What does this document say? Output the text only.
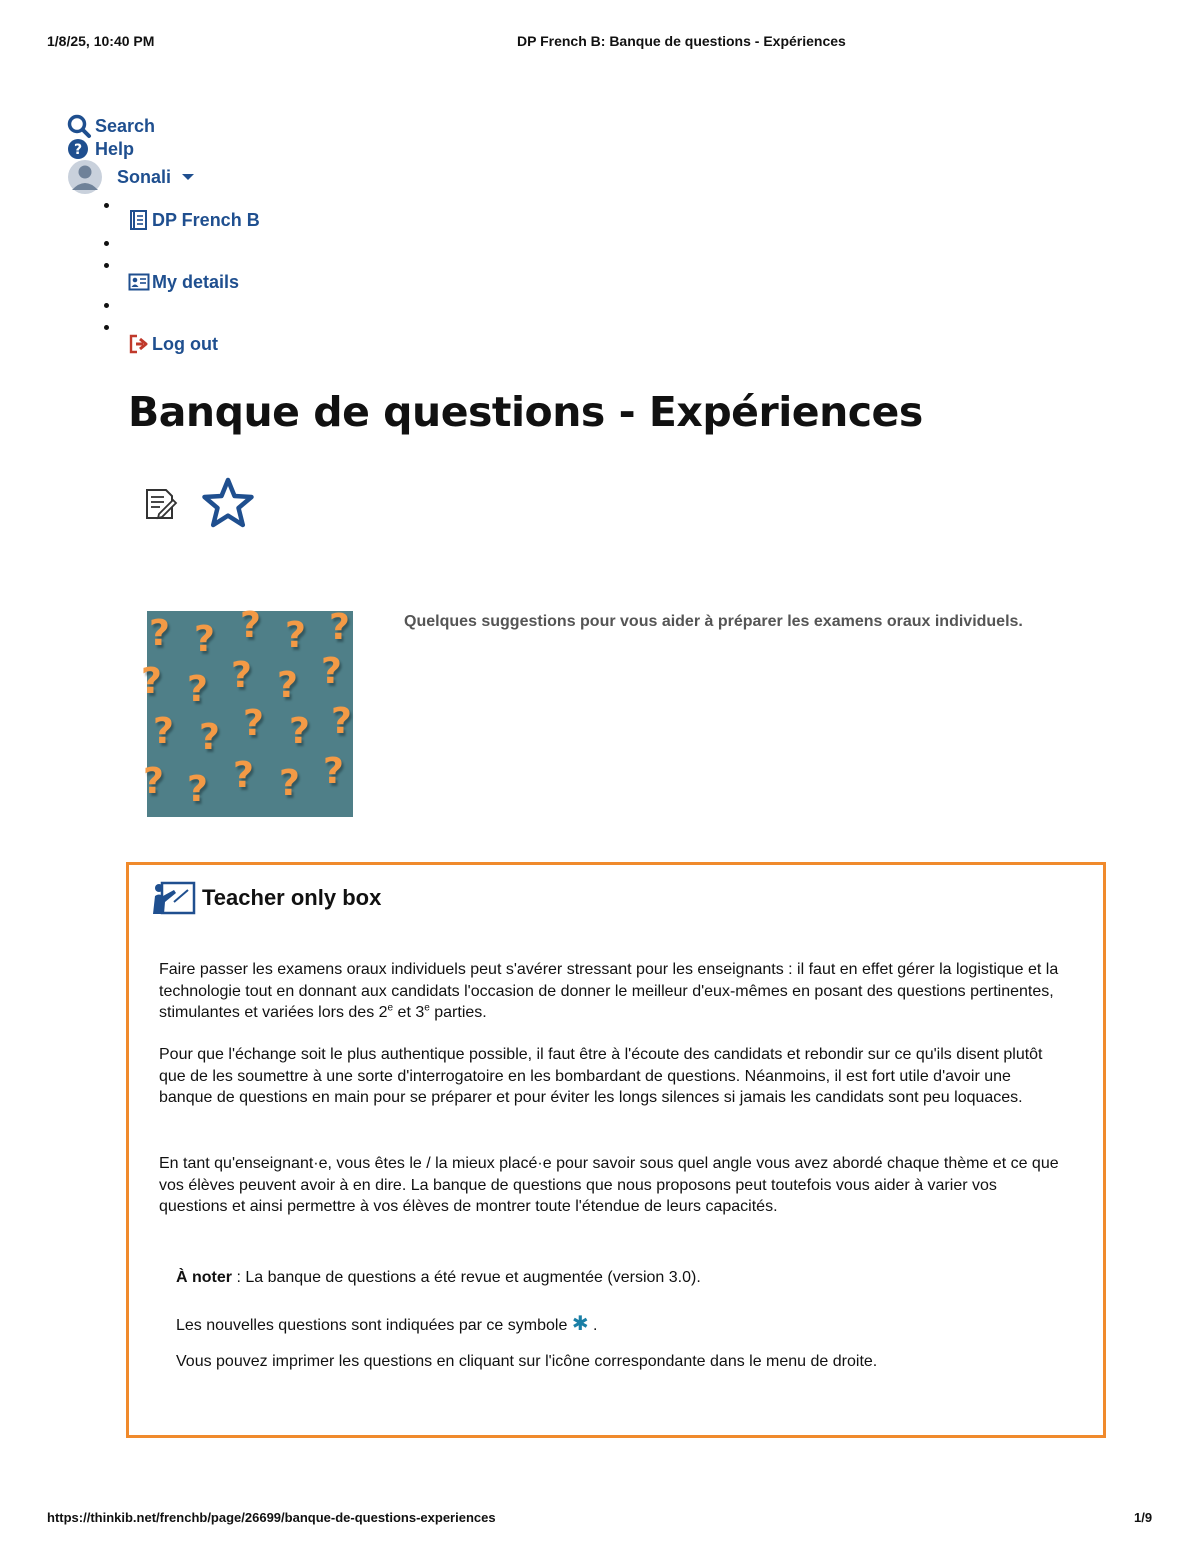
1/8/25, 10:40 PM	DP French B: Banque de questions - Expériences
Search
? Help
Sonali
DP French B
My details
Log out
Banque de questions - Expériences
? ? ? ? ?
? ? ? ? ?
? ? ? ? ?
? ? ? ? ?
Quelques suggestions pour vous aider à préparer les examens oraux individuels.
Teacher only box
Faire passer les examens oraux individuels peut s'avérer stressant pour les enseignants : il faut en effet gérer la logistique et la technologie tout en donnant aux candidats l'occasion de donner le meilleur d'eux-mêmes en posant des questions pertinentes, stimulantes et variées lors des 2e et 3e parties.
Pour que l'échange soit le plus authentique possible, il faut être à l'écoute des candidats et rebondir sur ce qu'ils disent plutôt que de les soumettre à une sorte d'interrogatoire en les bombardant de questions. Néanmoins, il est fort utile d'avoir une banque de questions en main pour se préparer et pour éviter les longs silences si jamais les candidats sont peu loquaces.
En tant qu'enseignant·e, vous êtes le / la mieux placé·e pour savoir sous quel angle vous avez abordé chaque thème et ce que vos élèves peuvent avoir à en dire. La banque de questions que nous proposons peut toutefois vous aider à varier vos questions et ainsi permettre à vos élèves de montrer toute l'étendue de leurs capacités.
À noter : La banque de questions a été revue et augmentée (version 3.0).
Les nouvelles questions sont indiquées par ce symbole ✱ .
Vous pouvez imprimer les questions en cliquant sur l'icône correspondante dans le menu de droite.
https://thinkib.net/frenchb/page/26699/banque-de-questions-experiences	1/9
